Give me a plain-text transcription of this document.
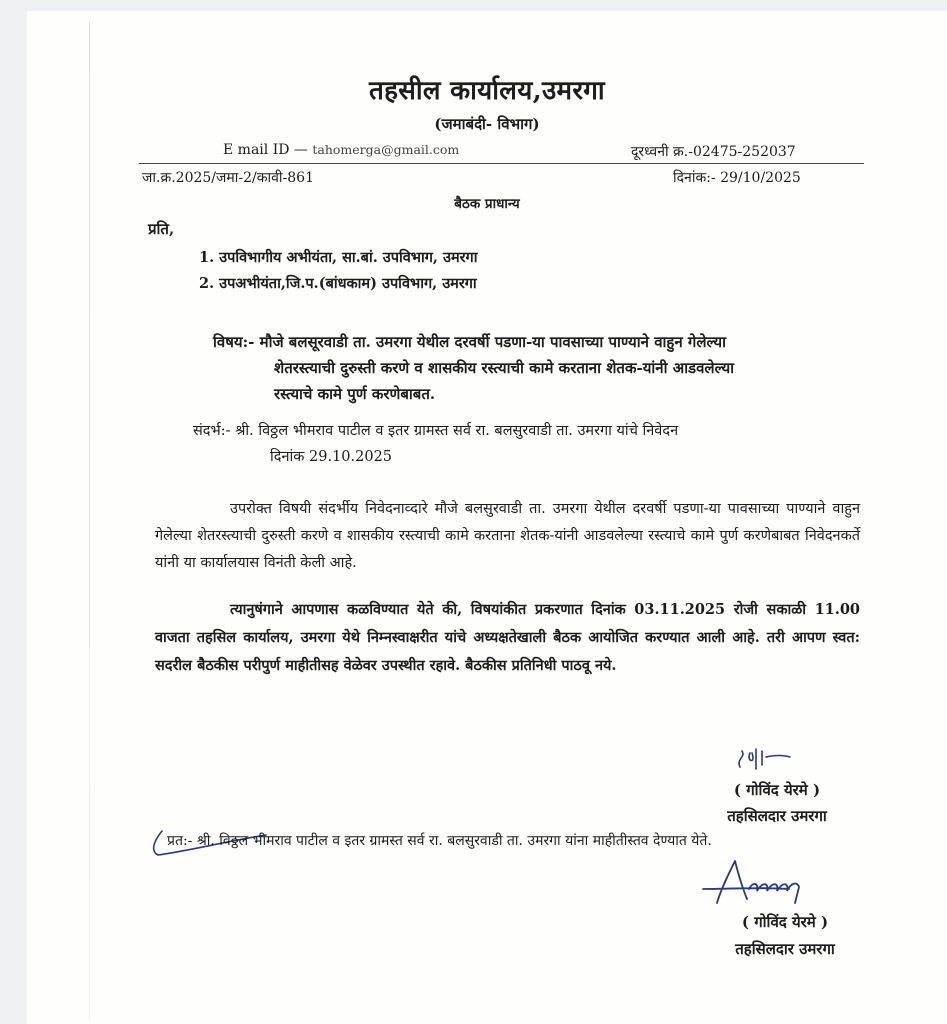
तहसील कार्यालय,उमरगा
(जमाबंदी- विभाग)
E mail ID — tahomerga@gmail.com	दूरध्वनी क्र.-02475-252037
जा.क्र.2025/जमा-2/कावी-861	दिनांक:- 29/10/2025
बैठक प्राधान्य
प्रति,
1. उपविभागीय अभीयंता, सा.बां. उपविभाग, उमरगा
2. उपअभीयंता,जि.प.(बांधकाम) उपविभाग, उमरगा
विषय:- मौजे बलसूरवाडी ता. उमरगा येथील दरवर्षी पडणा-या पावसाच्या पाण्याने वाहुन गेलेल्या
शेतरस्त्याची दुरुस्ती करणे व शासकीय रस्त्याची कामे करताना शेतक-यांनी आडवलेल्या
रस्त्याचे कामे पुर्ण करणेबाबत.
संदर्भ:- श्री. विठ्ठल भीमराव पाटील व इतर ग्रामस्त सर्व रा. बलसुरवाडी ता. उमरगा यांचे निवेदन
दिनांक 29.10.2025
उपरोक्त विषयी संदर्भीय निवेदनाव्दारे मौजे बलसुरवाडी ता. उमरगा येथील दरवर्षी पडणा-या पावसाच्या पाण्याने वाहुन गेलेल्या शेतरस्त्याची दुरुस्ती करणे व शासकीय रस्त्याची कामे करताना शेतक-यांनी आडवलेल्या रस्त्याचे कामे पुर्ण करणेबाबत निवेदनकर्ते यांनी या कार्यालयास विनंती केली आहे.
त्यानुषंगाने आपणास कळविण्यात येते की, विषयांकीत प्रकरणात दिनांक 03.11.2025 रोजी सकाळी 11.00 वाजता तहसिल कार्यालय, उमरगा येथे निम्नस्वाक्षरीत यांचे अध्यक्षतेखाली बैठक आयोजित करण्यात आली आहे. तरी आपण स्वत: सदरील बैठकीस परीपुर्ण माहीतीसह वेळेवर उपस्थीत रहावे. बैठकीस प्रतिनिधी पाठवू नये.
( गोविंद येरमे )
तहसिलदार उमरगा
प्रत:- श्री. विठ्ठल भीमराव पाटील व इतर ग्रामस्त सर्व रा. बलसुरवाडी ता. उमरगा यांना माहीतीस्तव देण्यात येते.
( गोविंद येरमे )
तहसिलदार उमरगा
